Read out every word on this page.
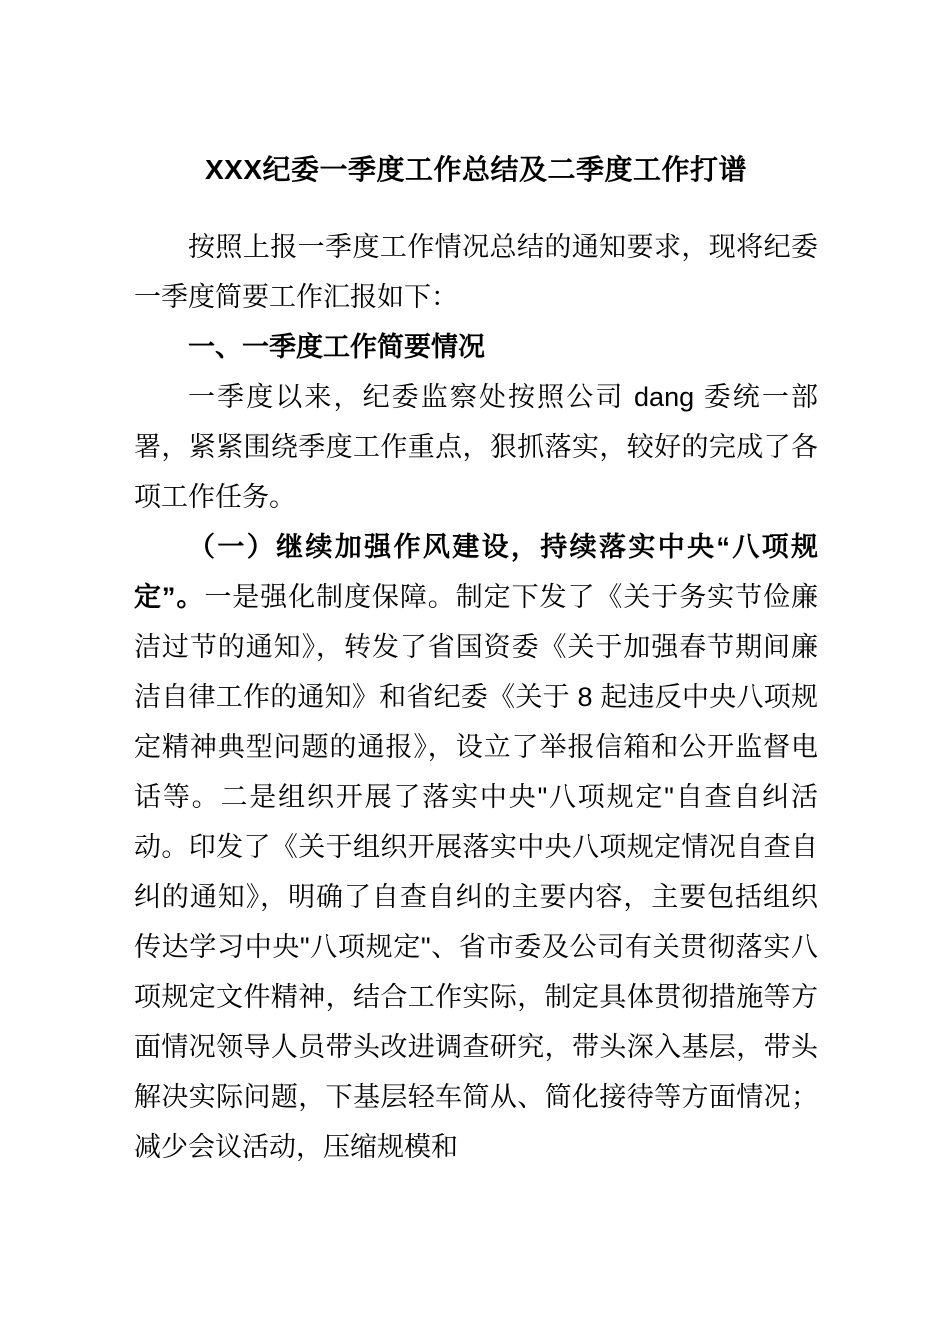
XXX纪委一季度工作总结及二季度工作打谱

按照上报一季度工作情况总结的通知要求，现将纪委一季度简要工作汇报如下：

一、一季度工作简要情况

一季度以来，纪委监察处按照公司 dang 委统一部署，紧紧围绕季度工作重点，狠抓落实，较好的完成了各项工作任务。

（一）继续加强作风建设，持续落实中央“八项规定”。一是强化制度保障。制定下发了《关于务实节俭廉洁过节的通知》，转发了省国资委《关于加强春节期间廉洁自律工作的通知》和省纪委《关于 8 起违反中央八项规定精神典型问题的通报》，设立了举报信箱和公开监督电话等。二是组织开展了落实中央"八项规定"自查自纠活动。印发了《关于组织开展落实中央八项规定情况自查自纠的通知》，明确了自查自纠的主要内容，主要包括组织传达学习中央"八项规定"、省市委及公司有关贯彻落实八项规定文件精神，结合工作实际，制定具体贯彻措施等方面情况领导人员带头改进调查研究，带头深入基层，带头解决实际问题，下基层轻车简从、简化接待等方面情况；减少会议活动，压缩规模和
